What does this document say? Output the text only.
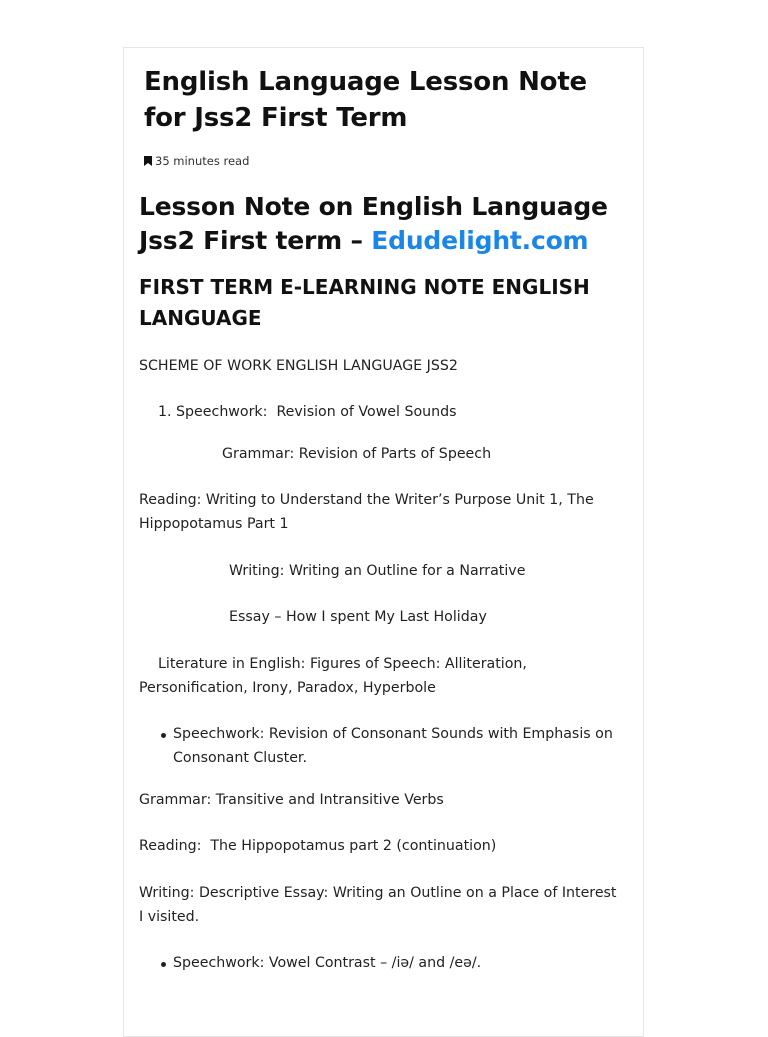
English Language Lesson Note for Jss2 First Term
35 minutes read
Lesson Note on English Language Jss2 First term – Edudelight.com
FIRST TERM E-LEARNING NOTE ENGLISH LANGUAGE

SCHEME OF WORK ENGLISH LANGUAGE JSS2

1. Speechwork:  Revision of Vowel Sounds

Grammar: Revision of Parts of Speech

Reading: Writing to Understand the Writer’s Purpose Unit 1, The Hippopotamus Part 1

Writing: Writing an Outline for a Narrative

Essay – How I spent My Last Holiday

Literature in English: Figures of Speech: Alliteration, Personification, Irony, Paradox, Hyperbole

Speechwork: Revision of Consonant Sounds with Emphasis on Consonant Cluster.

Grammar: Transitive and Intransitive Verbs

Reading:  The Hippopotamus part 2 (continuation)

Writing: Descriptive Essay: Writing an Outline on a Place of Interest I visited.

Speechwork: Vowel Contrast – /iə/ and /eə/.
